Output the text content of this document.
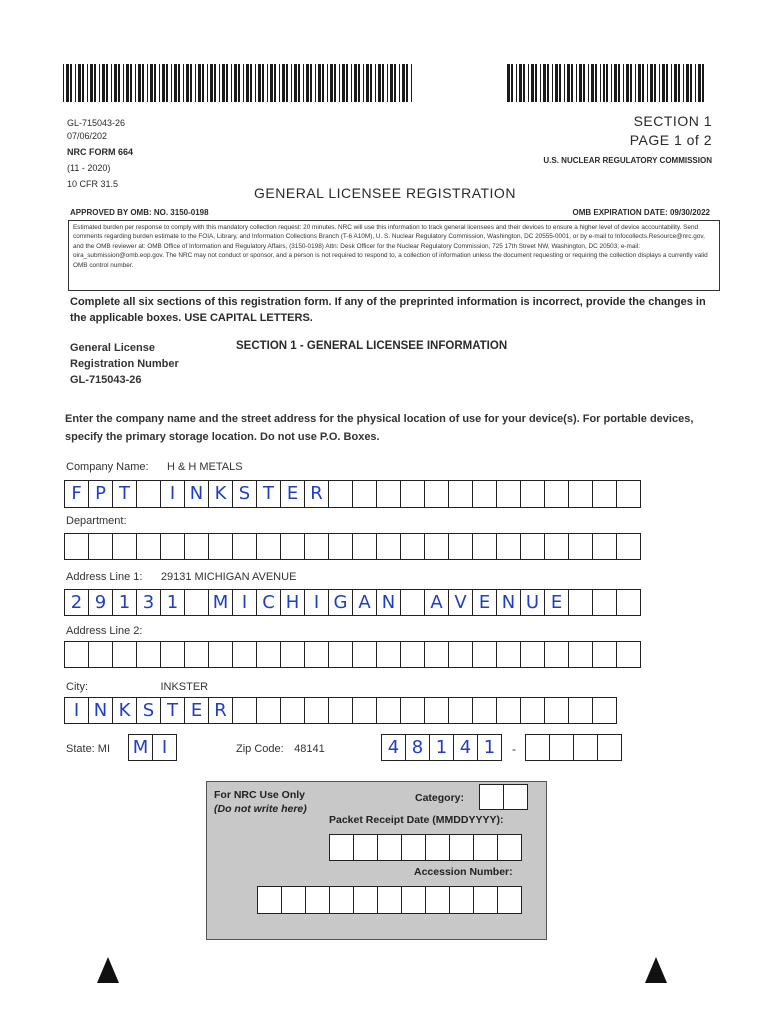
GL-715043-26
07/06/202
NRC FORM 664
(11 - 2020)
10 CFR 31.5
SECTION 1
PAGE 1 of 2
U.S. NUCLEAR REGULATORY COMMISSION
GENERAL LICENSEE REGISTRATION
APPROVED BY OMB: NO. 3150-0198	OMB EXPIRATION DATE: 09/30/2022
Estimated burden per response to comply with this mandatory collection request: 20 minutes. NRC will use this information to track general licensees and their devices to ensure a higher level of device accountability. Send comments regarding burden estimate to the FOIA, Library, and Information Collections Branch (T-6 A10M), U. S. Nuclear Regulatory Commission, Washington, DC 20555-0001, or by e-mail to Infocollects.Resource@nrc.gov, and the OMB reviewer at: OMB Office of Information and Regulatory Affairs, (3150-0198) Attn: Desk Officer for the Nuclear Regulatory Commission, 725 17th Street NW, Washington, DC 20503; e-mail: oira_submission@omb.eop.gov. The NRC may not conduct or sponsor, and a person is not required to respond to, a collection of information unless the document requesting or requiring the collection displays a currently valid OMB control number.
Complete all six sections of this registration form. If any of the preprinted information is incorrect, provide the changes in the applicable boxes. USE CAPITAL LETTERS.
General License
Registration Number
GL-715043-26
SECTION 1 - GENERAL LICENSEE INFORMATION
Enter the company name and the street address for the physical location of use for your device(s). For portable devices, specify the primary storage location. Do not use P.O. Boxes.
Company Name: H & H METALS
F P T	I N K S T E R
Department:
Address Line 1: 29131 MICHIGAN AVENUE
2 9 1 3 1	M I C H I G A N	A V E N U E
Address Line 2:
City:	INKSTER
I N K S T E R
State: MI M I	Zip Code: 48141	4 8 1 4 1	-
For NRC Use Only
(Do not write here)
Category:
Packet Receipt Date (MMDDYYYY):
Accession Number:
